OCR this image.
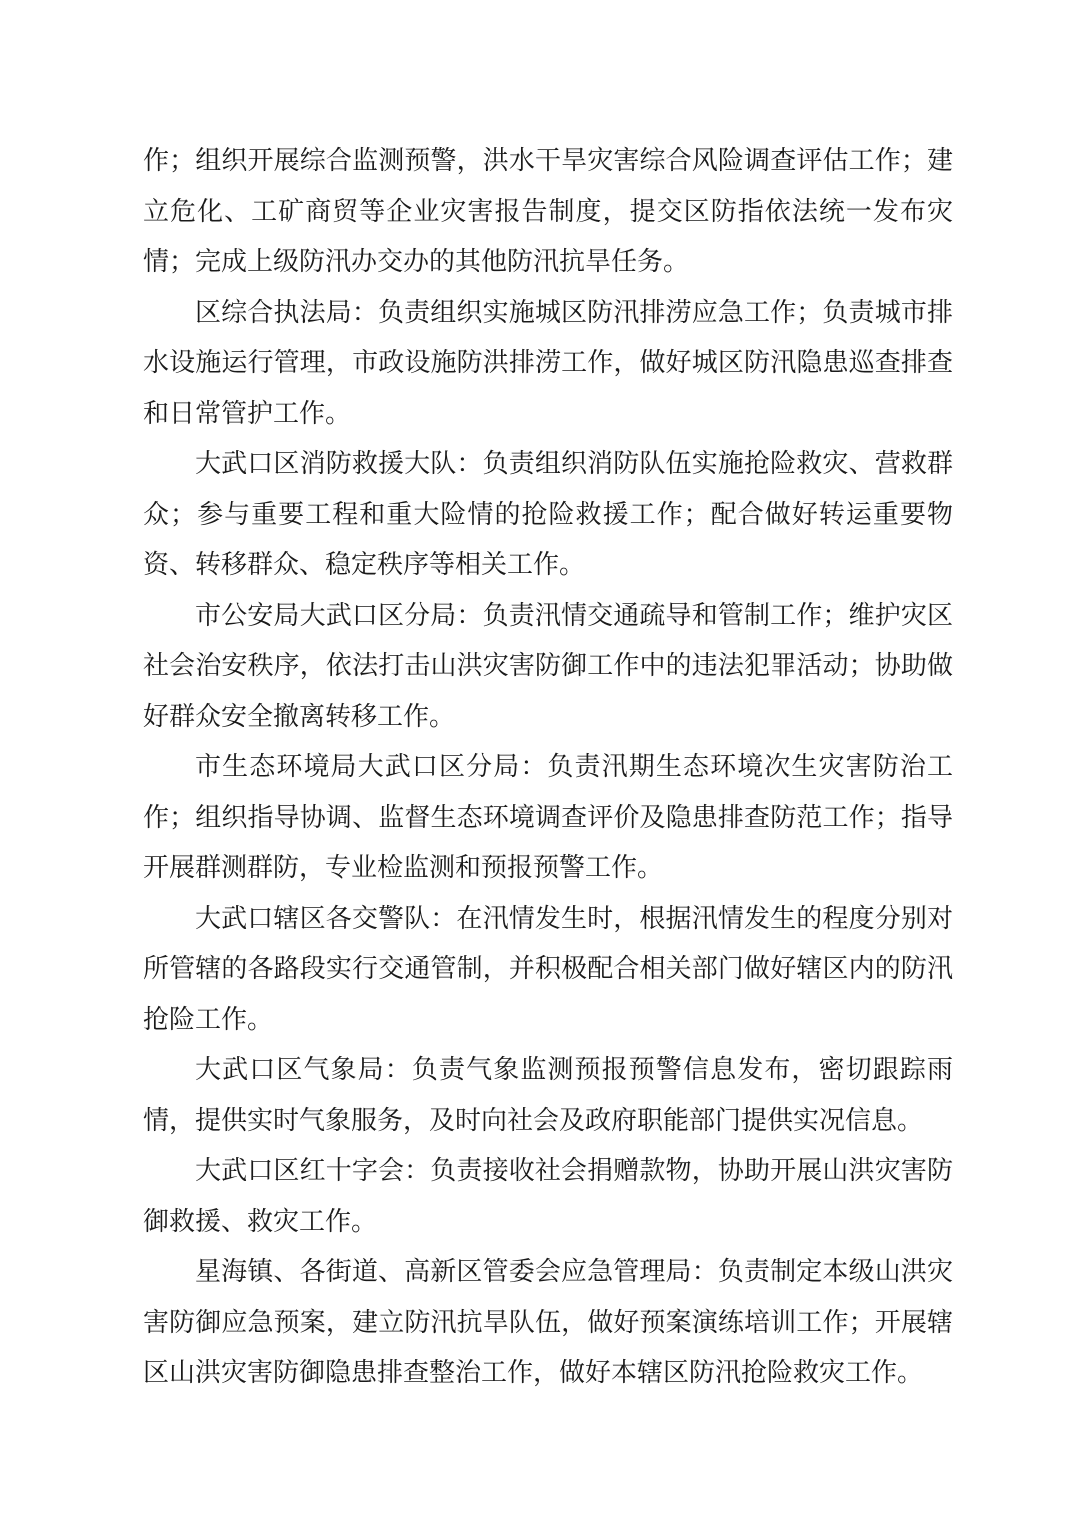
作；组织开展综合监测预警，洪水干旱灾害综合风险调查评估工作；建立危化、工矿商贸等企业灾害报告制度，提交区防指依法统一发布灾情；完成上级防汛办交办的其他防汛抗旱任务。

区综合执法局：负责组织实施城区防汛排涝应急工作；负责城市排水设施运行管理，市政设施防洪排涝工作，做好城区防汛隐患巡查排查和日常管护工作。

大武口区消防救援大队：负责组织消防队伍实施抢险救灾、营救群众；参与重要工程和重大险情的抢险救援工作；配合做好转运重要物资、转移群众、稳定秩序等相关工作。

市公安局大武口区分局：负责汛情交通疏导和管制工作；维护灾区社会治安秩序，依法打击山洪灾害防御工作中的违法犯罪活动；协助做好群众安全撤离转移工作。

市生态环境局大武口区分局：负责汛期生态环境次生灾害防治工作；组织指导协调、监督生态环境调查评价及隐患排查防范工作；指导开展群测群防，专业检监测和预报预警工作。

大武口辖区各交警队：在汛情发生时，根据汛情发生的程度分别对所管辖的各路段实行交通管制，并积极配合相关部门做好辖区内的防汛抢险工作。

大武口区气象局：负责气象监测预报预警信息发布，密切跟踪雨情，提供实时气象服务，及时向社会及政府职能部门提供实况信息。

大武口区红十字会：负责接收社会捐赠款物，协助开展山洪灾害防御救援、救灾工作。

星海镇、各街道、高新区管委会应急管理局：负责制定本级山洪灾害防御应急预案，建立防汛抗旱队伍，做好预案演练培训工作；开展辖区山洪灾害防御隐患排查整治工作，做好本辖区防汛抢险救灾工作。
